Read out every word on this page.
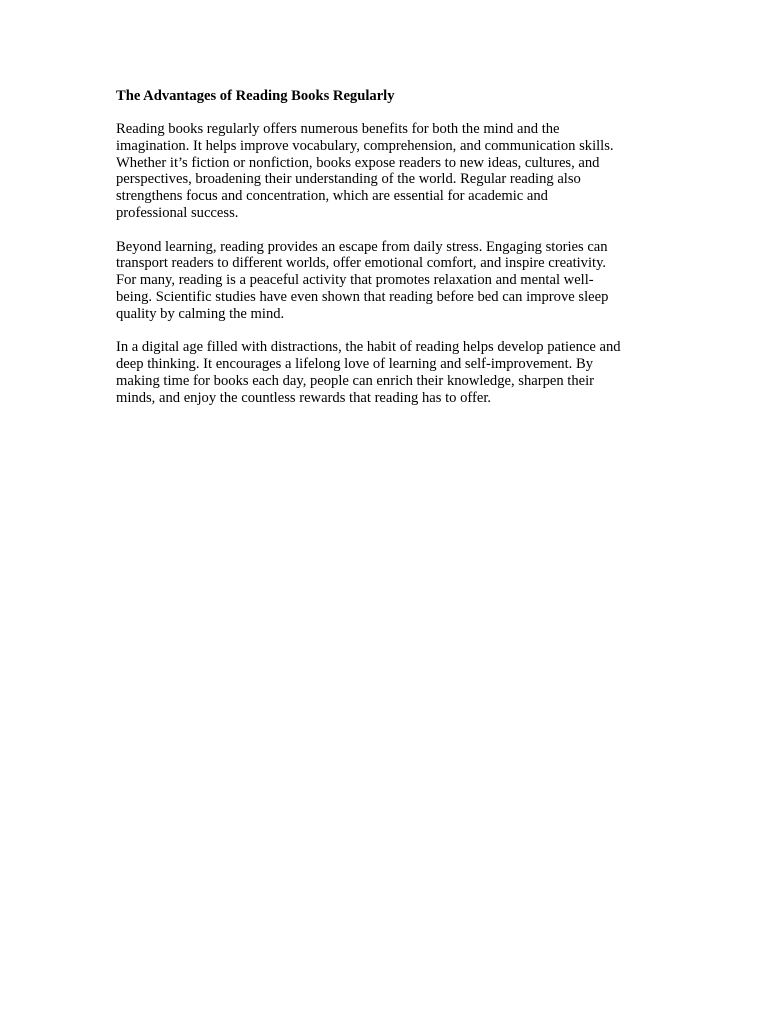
The Advantages of Reading Books Regularly

Reading books regularly offers numerous benefits for both the mind and the
imagination. It helps improve vocabulary, comprehension, and communication skills.
Whether it’s fiction or nonfiction, books expose readers to new ideas, cultures, and
perspectives, broadening their understanding of the world. Regular reading also
strengthens focus and concentration, which are essential for academic and
professional success.

Beyond learning, reading provides an escape from daily stress. Engaging stories can
transport readers to different worlds, offer emotional comfort, and inspire creativity.
For many, reading is a peaceful activity that promotes relaxation and mental well-
being. Scientific studies have even shown that reading before bed can improve sleep
quality by calming the mind.

In a digital age filled with distractions, the habit of reading helps develop patience and
deep thinking. It encourages a lifelong love of learning and self-improvement. By
making time for books each day, people can enrich their knowledge, sharpen their
minds, and enjoy the countless rewards that reading has to offer.
